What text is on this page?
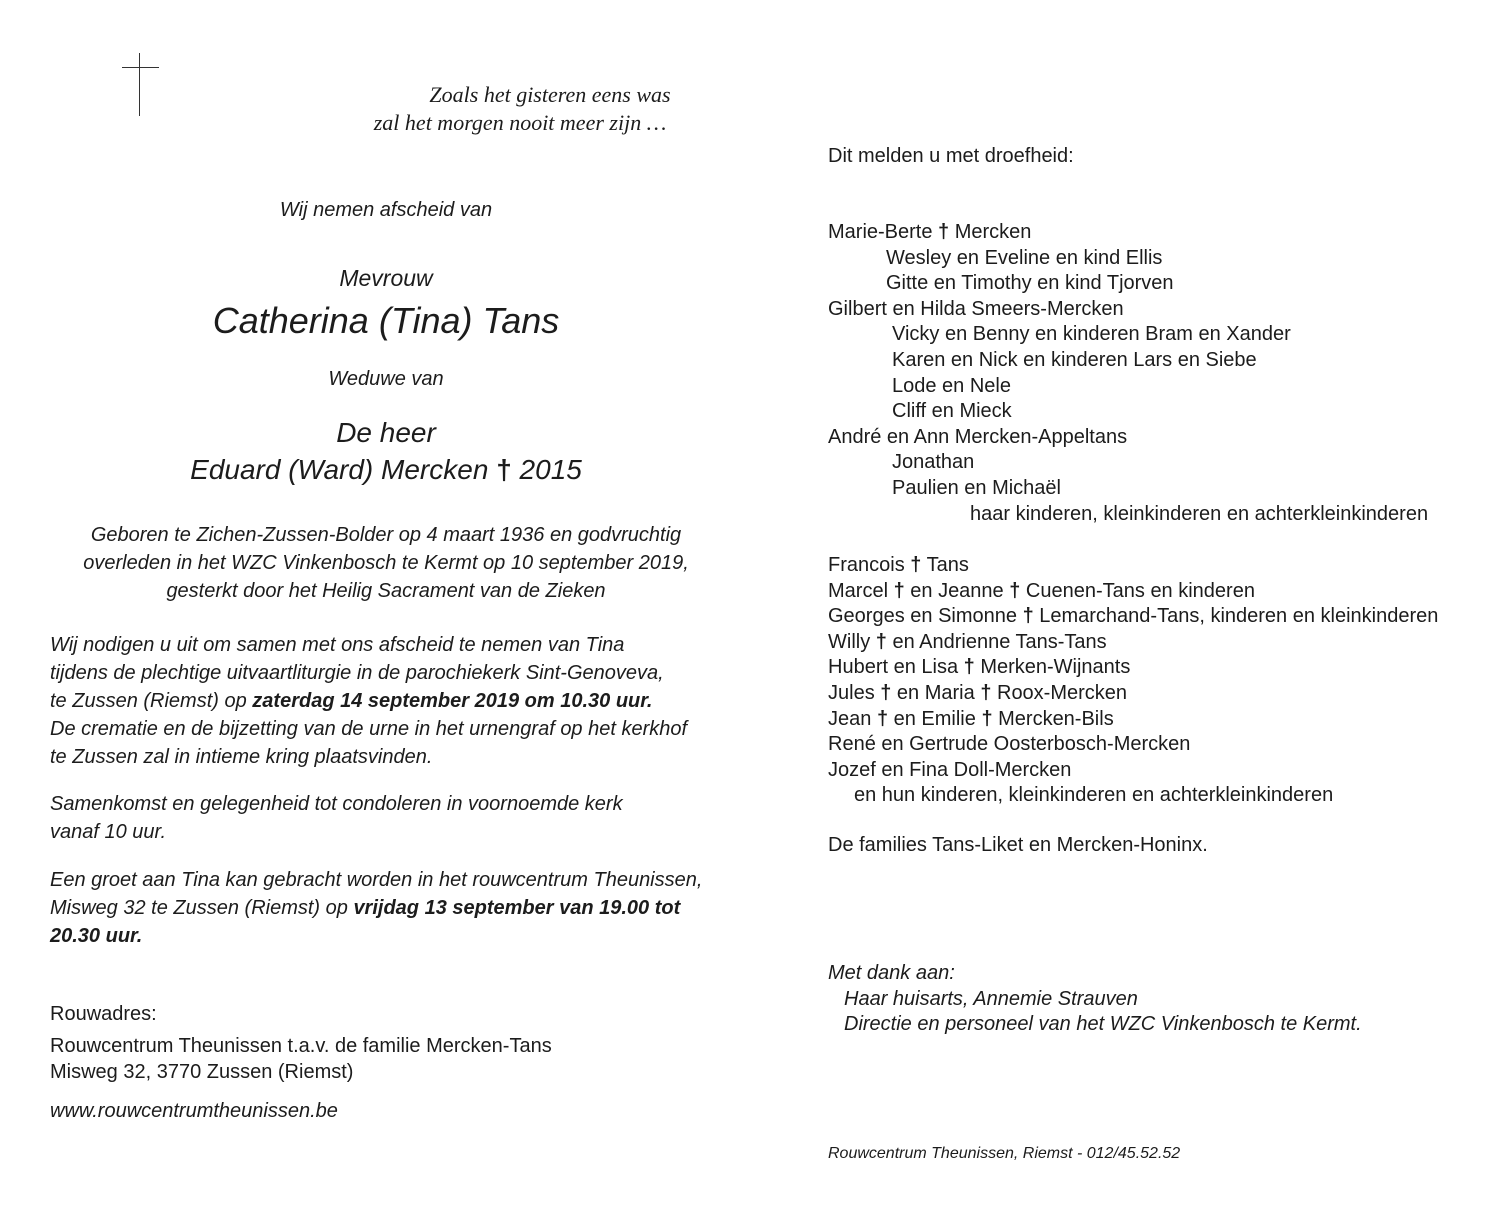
Zoals het gisteren eens was
zal het morgen nooit meer zijn …
Wij nemen afscheid van
Mevrouw
Catherina (Tina) Tans
Weduwe van
De heer
Eduard (Ward) Mercken † 2015
Geboren te Zichen-Zussen-Bolder op 4 maart 1936 en godvruchtig
overleden in het WZC Vinkenbosch te Kermt op 10 september 2019,
gesterkt door het Heilig Sacrament van de Zieken
Wij nodigen u uit om samen met ons afscheid te nemen van Tina
tijdens de plechtige uitvaartliturgie in de parochiekerk Sint-Genoveva,
te Zussen (Riemst) op zaterdag 14 september 2019 om 10.30 uur.
De crematie en de bijzetting van de urne in het urnengraf op het kerkhof
te Zussen zal in intieme kring plaatsvinden.
Samenkomst en gelegenheid tot condoleren in voornoemde kerk
vanaf 10 uur.
Een groet aan Tina kan gebracht worden in het rouwcentrum Theunissen,
Misweg 32 te Zussen (Riemst) op vrijdag 13 september van 19.00 tot
20.30 uur.
Rouwadres:
Rouwcentrum Theunissen t.a.v. de familie Mercken-Tans
Misweg 32, 3770 Zussen (Riemst)
www.rouwcentrumtheunissen.be
Dit melden u met droefheid:
Marie-Berte † Mercken
Wesley en Eveline en kind Ellis
Gitte en Timothy en kind Tjorven
Gilbert en Hilda Smeers-Mercken
Vicky en Benny en kinderen Bram en Xander
Karen en Nick en kinderen Lars en Siebe
Lode en Nele
Cliff en Mieck
André en Ann Mercken-Appeltans
Jonathan
Paulien en Michaël
haar kinderen, kleinkinderen en achterkleinkinderen
Francois † Tans
Marcel † en Jeanne † Cuenen-Tans en kinderen
Georges en Simonne † Lemarchand-Tans, kinderen en kleinkinderen
Willy † en Andrienne Tans-Tans
Hubert en Lisa † Merken-Wijnants
Jules † en Maria † Roox-Mercken
Jean † en Emilie † Mercken-Bils
René en Gertrude Oosterbosch-Mercken
Jozef en Fina Doll-Mercken
en hun kinderen, kleinkinderen en achterkleinkinderen
De families Tans-Liket en Mercken-Honinx.
Met dank aan:
Haar huisarts, Annemie Strauven
Directie en personeel van het WZC Vinkenbosch te Kermt.
Rouwcentrum Theunissen, Riemst - 012/45.52.52
